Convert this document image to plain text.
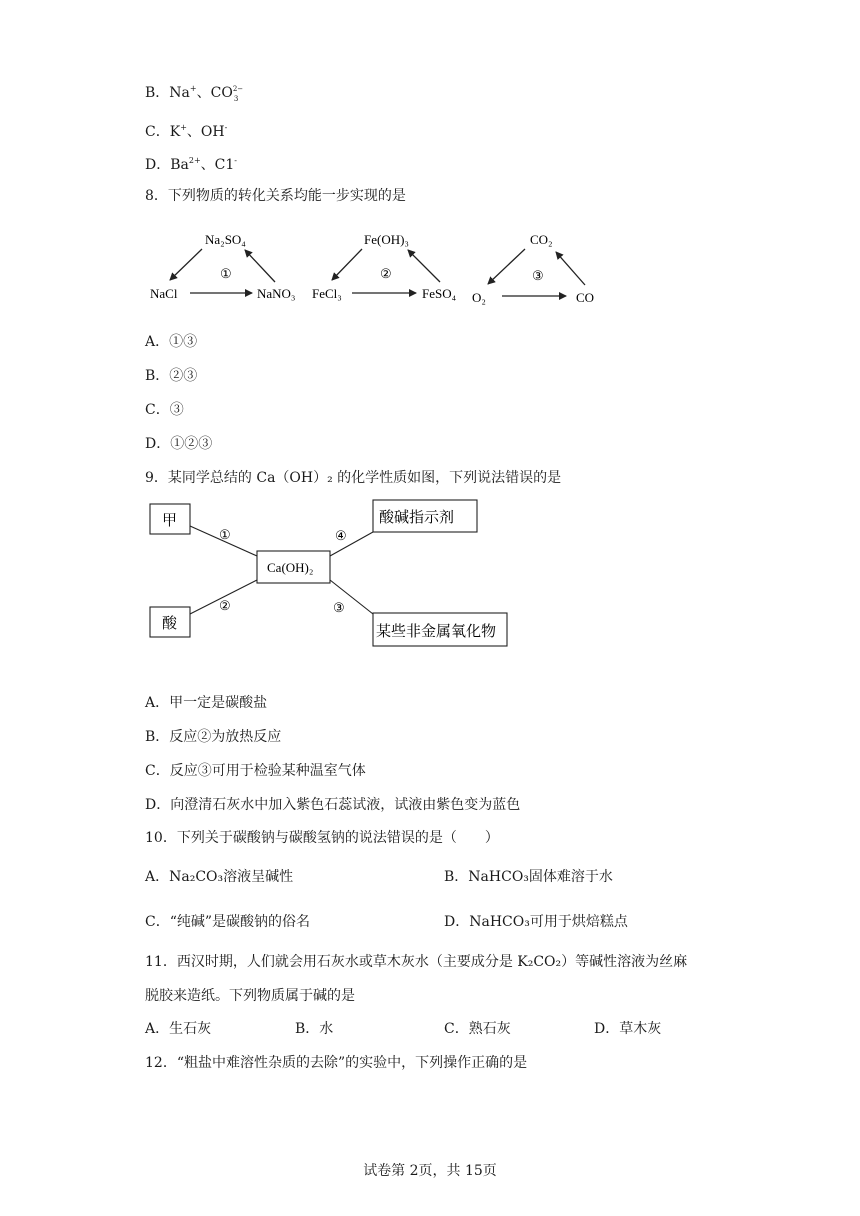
B．Na+、CO 2−
3
C．K+、OH-
D．$Ba^{2+}$、C1-
8．下列物质的转化关系均能一步实现的是
Na₂SO₄
NaCl	NaNO₃
①
Fe(OH)₃
FeCl₃	FeSO₄
②
CO₂
O₂	CO
③
A．①③
B．②③
C．③
D．①②③
9．某同学总结的 Ca（OH）₂ 的化学性质如图，下列说法错误的是
甲
酸
Ca(OH)₂
酸碱指示剂
某些非金属氧化物
①
②	③
④
A．甲一定是碳酸盐
B．反应②为放热反应
C．反应③可用于检验某种温室气体
D．向澄清石灰水中加入紫色石蕊试液，试液由紫色变为蓝色
10．下列关于碳酸钠与碳酸氢钠的说法错误的是（　　）
A．Na₂CO₃溶液呈碱性	B．NaHCO₃固体难溶于水
C．“纯碱”是碳酸钠的俗名	D．NaHCO₃可用于烘焙糕点
11．西汉时期，人们就会用石灰水或草木灰水（主要成分是 K₂CO₂）等碱性溶液为丝麻
脱胶来造纸。下列物质属于碱的是
A．生石灰	B．水	C．熟石灰	D．草木灰
12．“粗盐中难溶性杂质的去除”的实验中，下列操作正确的是
试卷第 2页，共 15页
